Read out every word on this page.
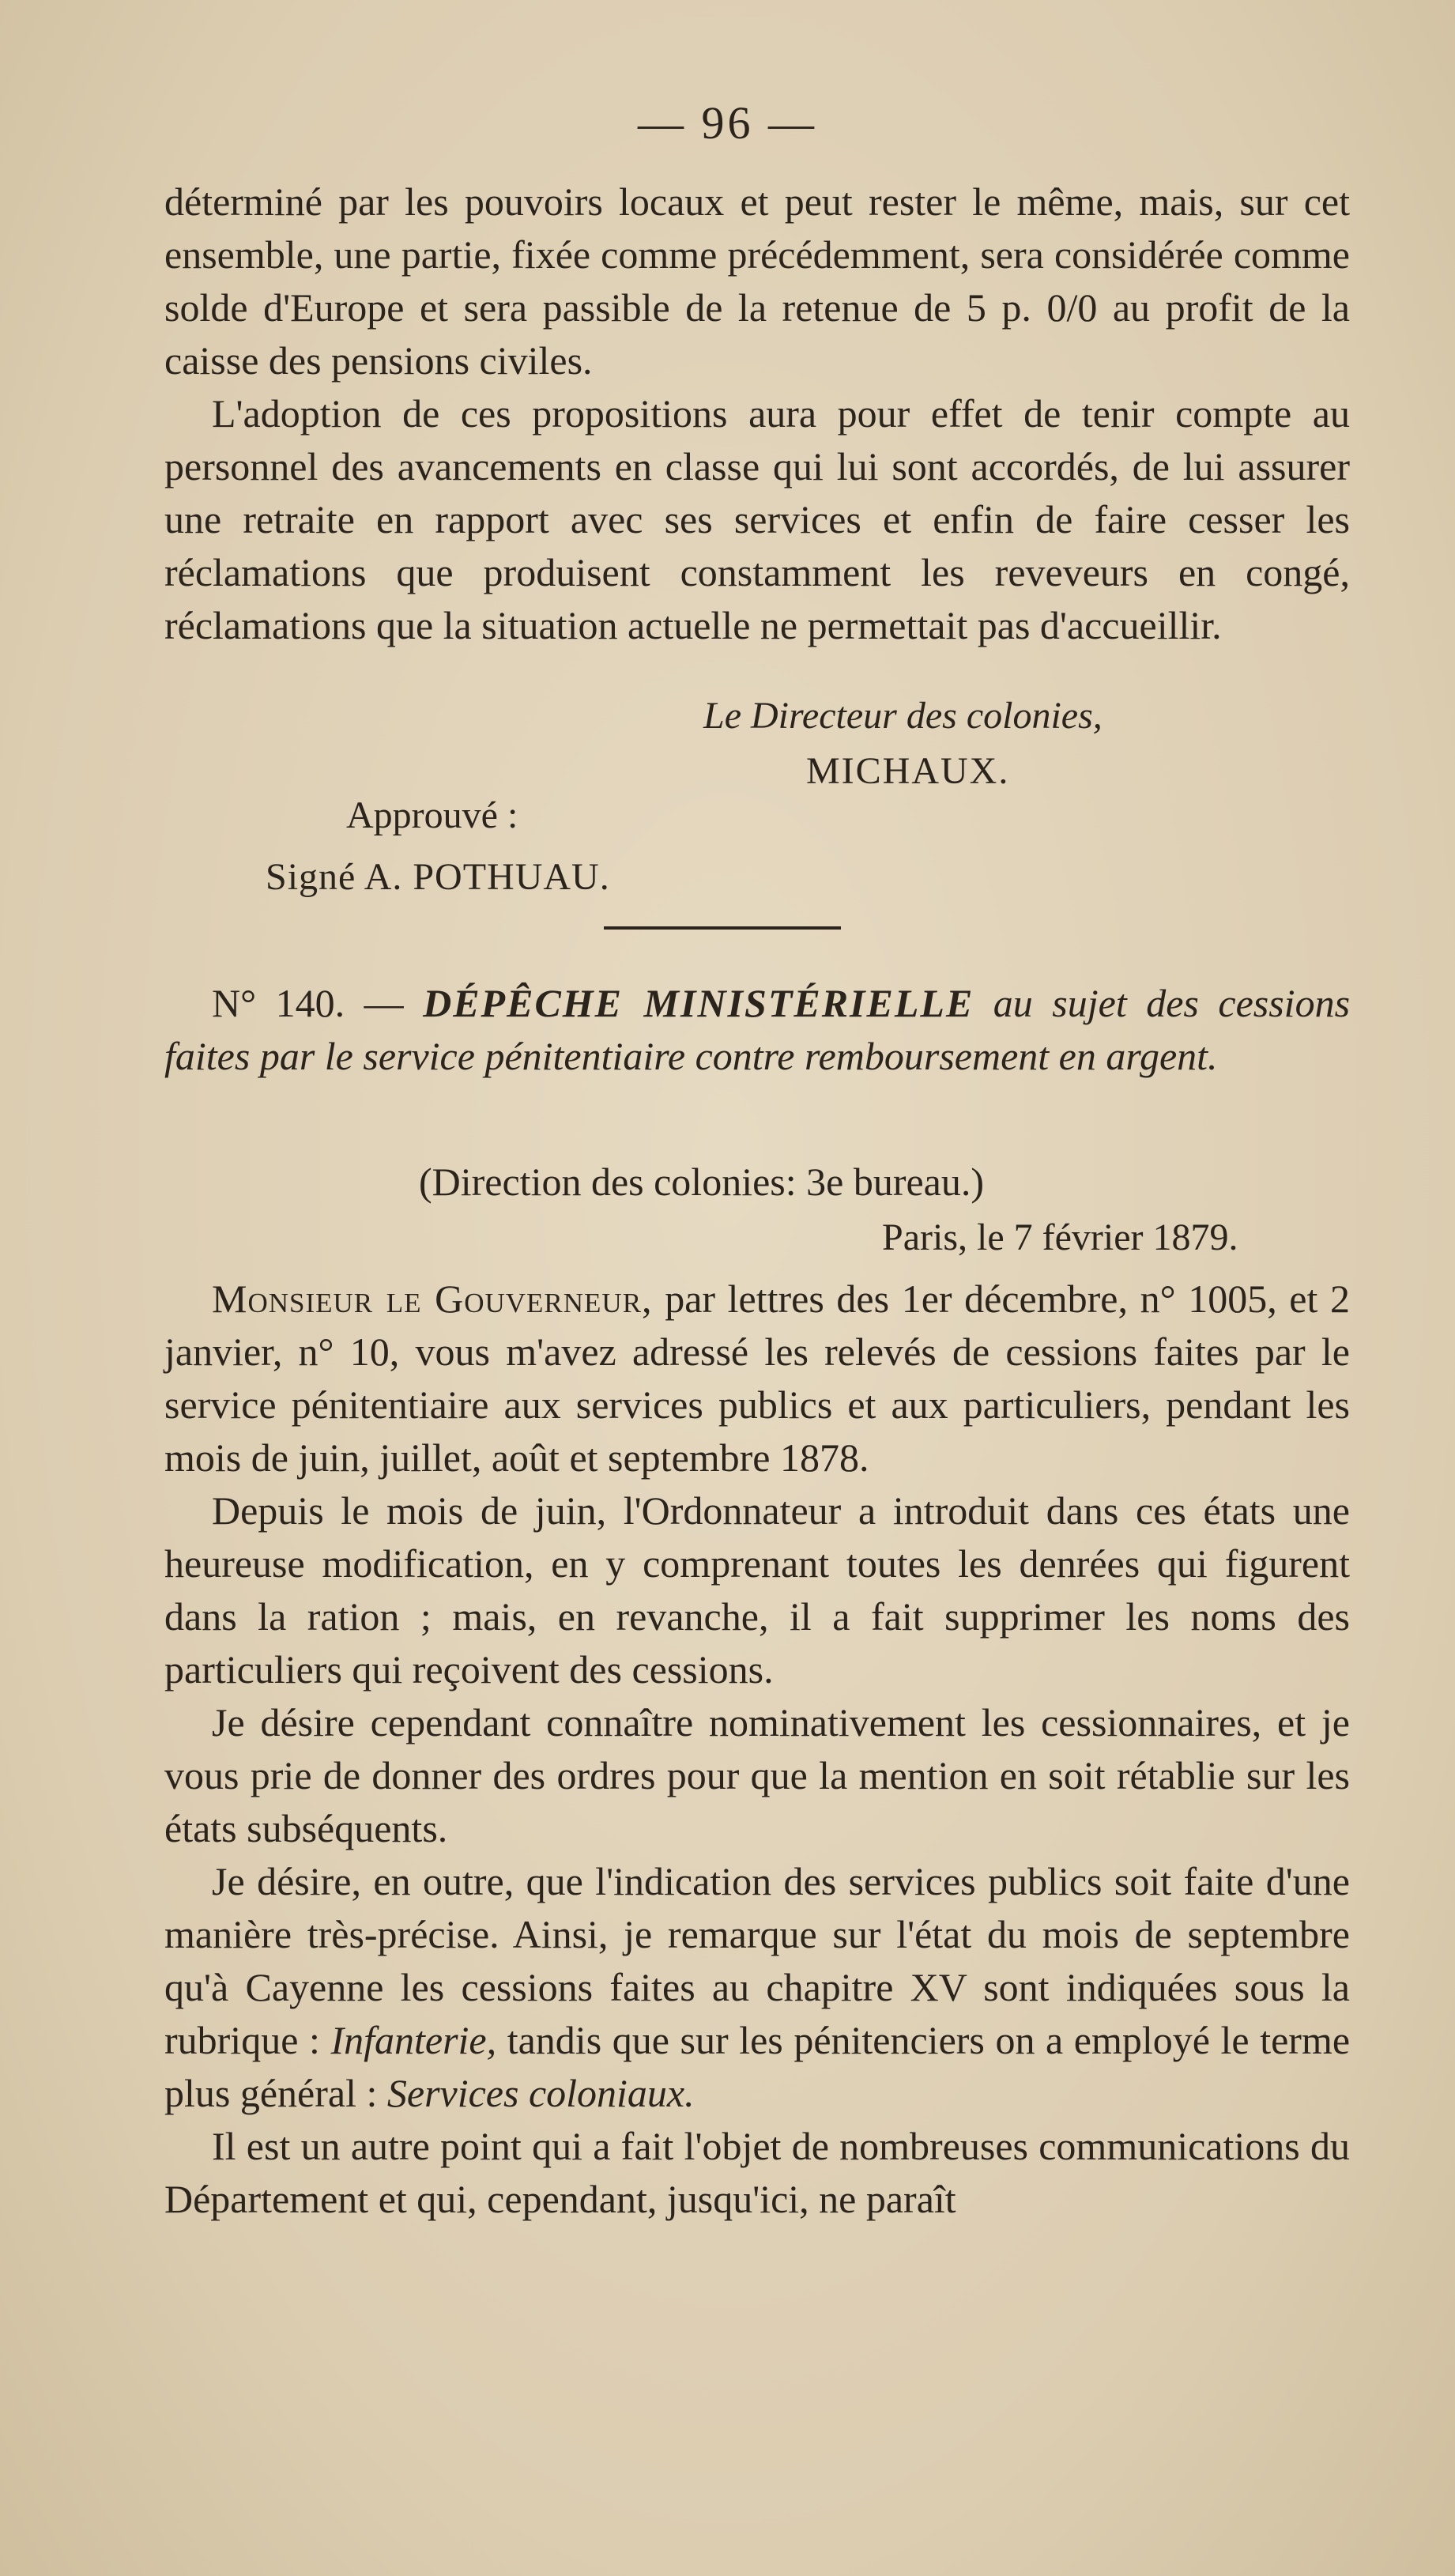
— 96 —

déterminé par les pouvoirs locaux et peut rester le même, mais, sur cet ensemble, une partie, fixée comme précédemment, sera considérée comme solde d'Europe et sera passible de la retenue de 5 p. 0/0 au profit de la caisse des pensions civiles.

L'adoption de ces propositions aura pour effet de tenir compte au personnel des avancements en classe qui lui sont accordés, de lui assurer une retraite en rapport avec ses services et enfin de faire cesser les réclamations que produisent constamment les reveveurs en congé, réclamations que la situation actuelle ne permettait pas d'accueillir.

Le Directeur des colonies,
MICHAUX.
Approuvé :
Signé A. POTHUAU.

N° 140. — DÉPÊCHE MINISTÉRIELLE au sujet des cessions faites par le service pénitentiaire contre remboursement en argent.

(Direction des colonies: 3e bureau.)
Paris, le 7 février 1879.

Monsieur le Gouverneur, par lettres des 1er décembre, n° 1005, et 2 janvier, n° 10, vous m'avez adressé les relevés de cessions faites par le service pénitentiaire aux services publics et aux particuliers, pendant les mois de juin, juillet, août et septembre 1878.

Depuis le mois de juin, l'Ordonnateur a introduit dans ces états une heureuse modification, en y comprenant toutes les denrées qui figurent dans la ration ; mais, en revanche, il a fait supprimer les noms des particuliers qui reçoivent des cessions.

Je désire cependant connaître nominativement les cessionnaires, et je vous prie de donner des ordres pour que la mention en soit rétablie sur les états subséquents.

Je désire, en outre, que l'indication des services publics soit faite d'une manière très-précise. Ainsi, je remarque sur l'état du mois de septembre qu'à Cayenne les cessions faites au chapitre XV sont indiquées sous la rubrique : Infanterie, tandis que sur les pénitenciers on a employé le terme plus général : Services coloniaux.

Il est un autre point qui a fait l'objet de nombreuses communications du Département et qui, cependant, jusqu'ici, ne paraît
